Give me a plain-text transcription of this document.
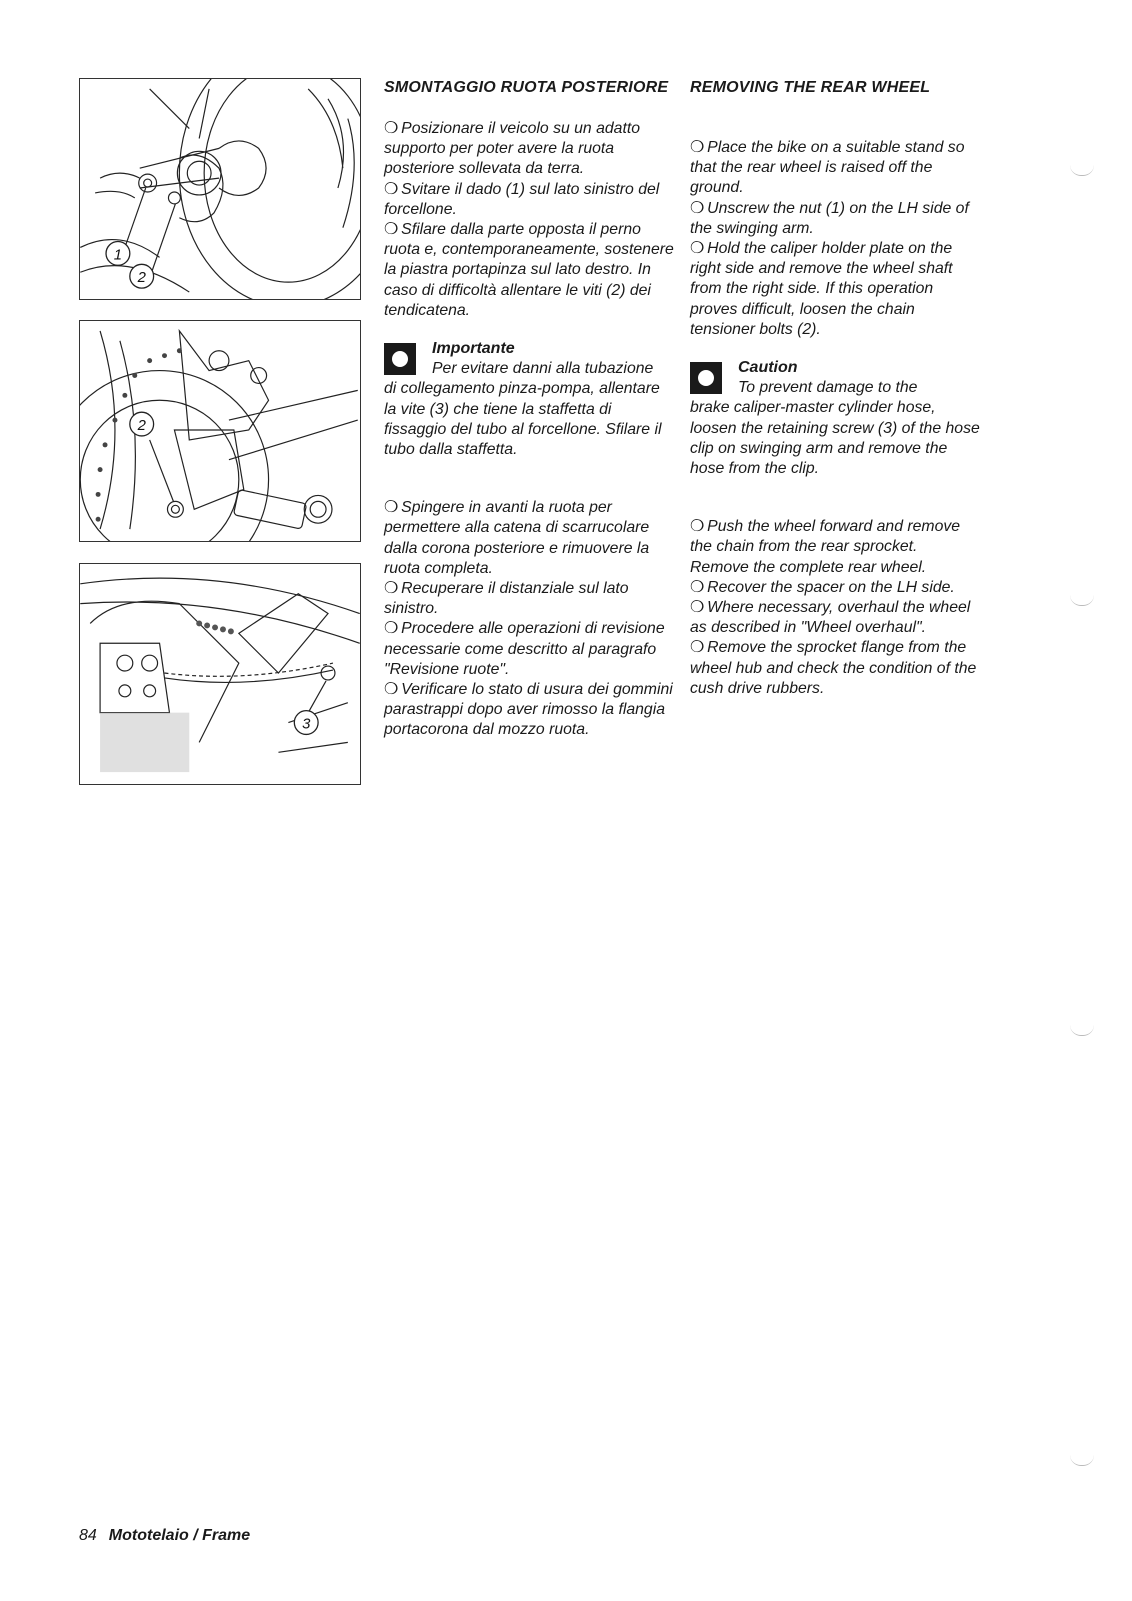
1
2
2
3
SMONTAGGIO RUOTA POSTERIORE

❍ Posizionare il veicolo su un adatto supporto per poter avere la ruota posteriore sollevata da terra.

❍ Svitare il dado (1) sul lato sinistro del forcellone.

❍ Sfilare dalla parte opposta il perno ruota e, contemporaneamente, sostenere la piastra portapinza sul lato destro. In caso di difficoltà allentare le viti (2) dei tendicatena.

Importante
Per evitare danni alla tubazione
di collegamento pinza-pompa, allentare la vite (3) che tiene la staffetta di fissaggio del tubo al forcellone. Sfilare il tubo dalla staffetta.

❍ Spingere in avanti la ruota per permettere alla catena di scarrucolare dalla corona posteriore e rimuovere la ruota completa.

❍ Recuperare il distanziale sul lato sinistro.

❍ Procedere alle operazioni di revisione necessarie come descritto al paragrafo "Revisione ruote".

❍ Verificare lo stato di usura dei gommini parastrappi dopo aver rimosso la flangia portacorona dal mozzo ruota.

REMOVING THE REAR WHEEL

❍ Place the bike on a suitable stand so that the rear wheel is raised off the ground.

❍ Unscrew the nut (1) on the LH side of the swinging arm.

❍ Hold the caliper holder plate on the right side and remove the wheel shaft from the right side. If this operation proves difficult, loosen the chain tensioner bolts (2).

Caution
To prevent damage to the
brake caliper-master cylinder hose, loosen the retaining screw (3) of the hose clip on swinging arm and remove the hose from the clip.

❍ Push the wheel forward and remove the chain from the rear sprocket. Remove the complete rear wheel.

❍ Recover the spacer on the LH side.

❍ Where necessary, overhaul the wheel as described in "Wheel overhaul".

❍ Remove the sprocket flange from the wheel hub and check the condition of the cush drive rubbers.

84 Mototelaio / Frame
